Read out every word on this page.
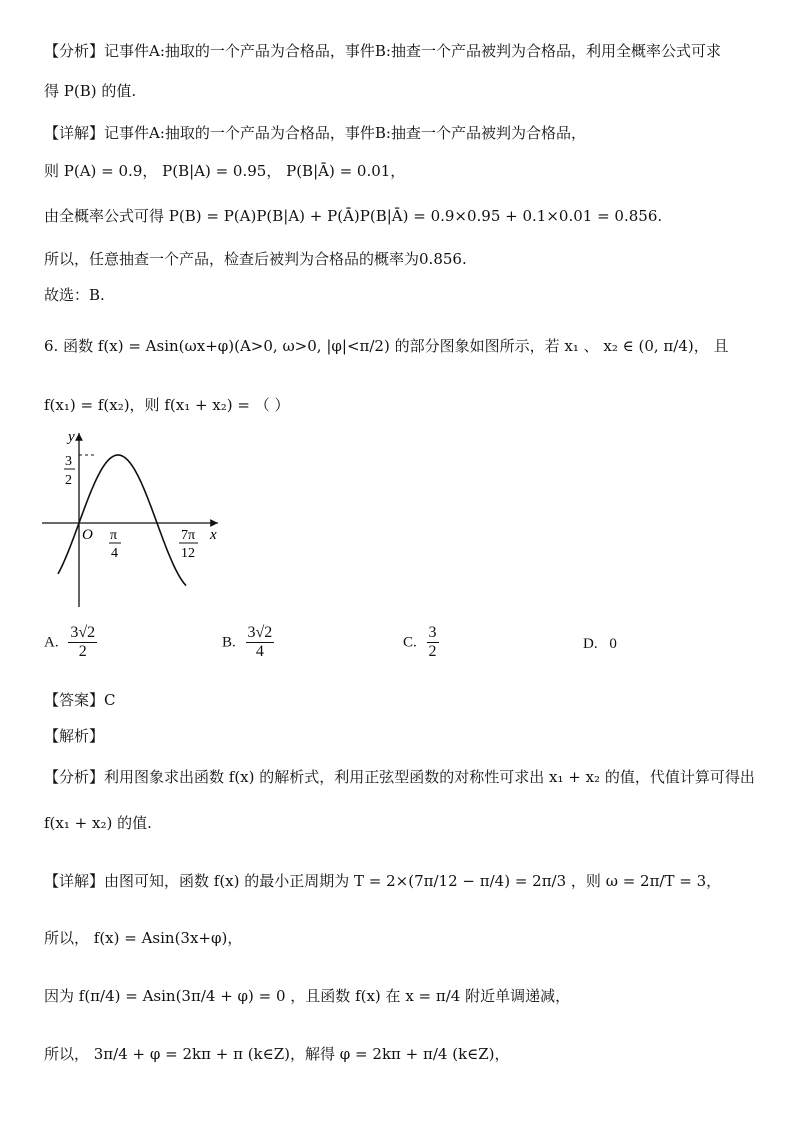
【分析】记事件A:抽取的一个产品为合格品，事件B:抽查一个产品被判为合格品，利用全概率公式可求
得 P(B) 的值.
【详解】记事件A:抽取的一个产品为合格品，事件B:抽查一个产品被判为合格品，
则 P(A) = 0.9， P(B|A) = 0.95， P(B|Ā) = 0.01，
由全概率公式可得 P(B) = P(A)P(B|A) + P(Ā)P(B|Ā) = 0.9×0.95 + 0.1×0.01 = 0.856.
所以，任意抽查一个产品，检查后被判为合格品的概率为0.856.
故选：B.
6. 函数 f(x) = Asin(ωx+φ)(A>0, ω>0, |φ|<π/2) 的部分图象如图所示，若 x₁ 、 x₂ ∈ (0, π/4)， 且
f(x₁) = f(x₂)，则 f(x₁ + x₂) = （ ）
y
x
O
3
2
π
4
7π
12
A. $\frac{3√2}{2}$	B. $\frac{3√2}{4}$	C. $\frac{3}{2}$	D. 0
【答案】C
【解析】
【分析】利用图象求出函数 f(x) 的解析式，利用正弦型函数的对称性可求出 x₁ + x₂ 的值，代值计算可得出
f(x₁ + x₂) 的值.
【详解】由图可知，函数 f(x) 的最小正周期为 T = 2×(7π/12 − π/4) = 2π/3 ，则 ω = 2π/T = 3，
所以， f(x) = Asin(3x+φ)，
因为 f(π/4) = Asin(3π/4 + φ) = 0 ，且函数 f(x) 在 x = π/4 附近单调递减，
所以， 3π/4 + φ = 2kπ + π (k∈Z)，解得 φ = 2kπ + π/4 (k∈Z)，
